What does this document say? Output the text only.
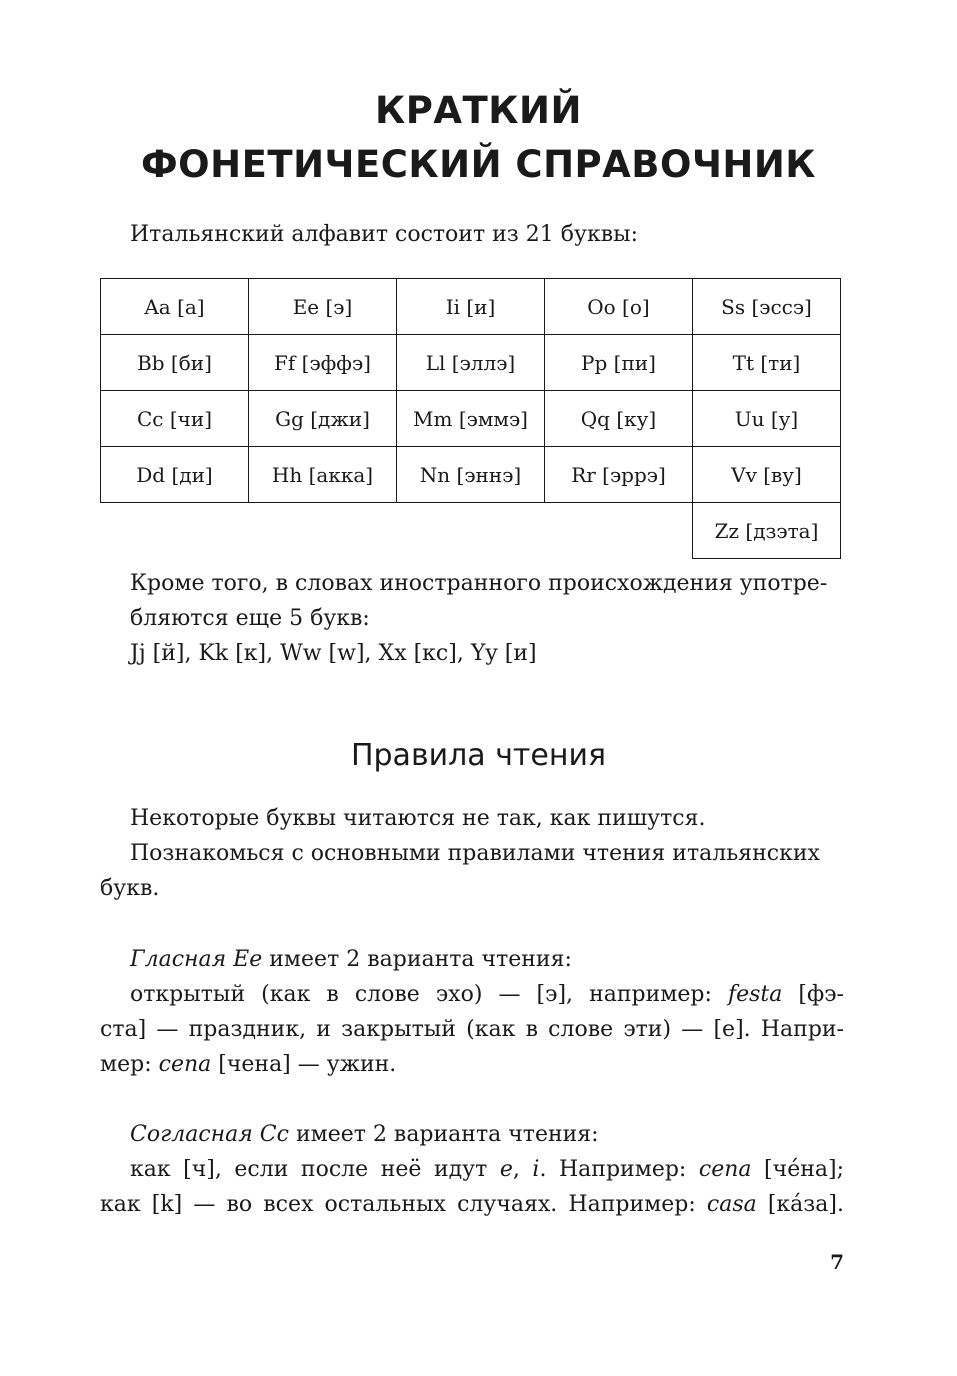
КРАТКИЙ
ФОНЕТИЧЕСКИЙ СПРАВОЧНИК
Итальянский алфавит состоит из 21 буквы:
Aa [а]	Ee [э]	Ii [и]	Oo [о]	Ss [эссэ]
Bb [би]	Ff [эффэ]	Ll [эллэ]	Pp [пи]	Tt [ти]
Cc [чи]	Gg [джи]	Mm [эммэ]	Qq [ку]	Uu [у]
Dd [ди]	Hh [акка]	Nn [эннэ]	Rr [эррэ]	Vv [ву]
				Zz [дзэта]
Кроме того, в словах иностранного происхождения употре-
бляются еще 5 букв:
Jj [й], Kk [к], Ww [w], Xx [кс], Yy [и]
Правила чтения
Некоторые буквы читаются не так, как пишутся.
Познакомься с основными правилами чтения итальянских
букв.
Гласная Ee имеет 2 варианта чтения:
открытый (как в слове эхо) — [э], например: festa [фэ-
ста] — праздник, и закрытый (как в слове эти) — [е]. Напри-
мер: cena [чена] — ужин.
Согласная Cc имеет 2 варианта чтения:
как [ч], если после неё идут e, i. Например: cena [че́на];
как [k] — во всех остальных случаях. Например: casa [ка́за].
7
